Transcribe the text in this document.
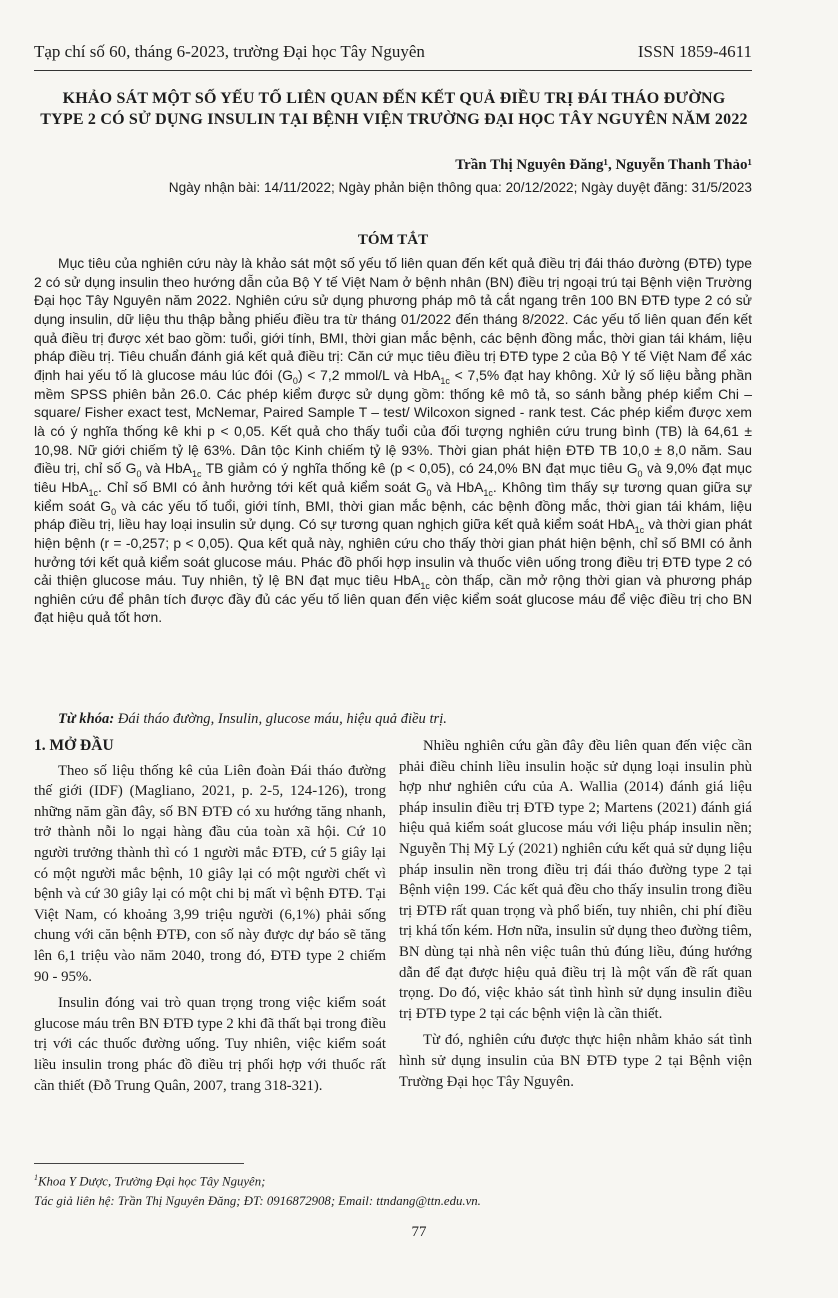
Tạp chí số 60, tháng 6-2023, trường Đại học Tây Nguyên	ISSN 1859-4611
KHẢO SÁT MỘT SỐ YẾU TỐ LIÊN QUAN ĐẾN KẾT QUẢ ĐIỀU TRỊ ĐÁI THÁO ĐƯỜNG TYPE 2 CÓ SỬ DỤNG INSULIN TẠI BỆNH VIỆN TRƯỜNG ĐẠI HỌC TÂY NGUYÊN NĂM 2022
Trần Thị Nguyên Đăng¹, Nguyễn Thanh Thảo¹
Ngày nhận bài: 14/11/2022; Ngày phản biện thông qua: 20/12/2022; Ngày duyệt đăng: 31/5/2023
TÓM TẮT

Mục tiêu của nghiên cứu này là khảo sát một số yếu tố liên quan đến kết quả điều trị đái tháo đường (ĐTĐ) type 2 có sử dụng insulin theo hướng dẫn của Bộ Y tế Việt Nam ở bệnh nhân (BN) điều trị ngoại trú tại Bệnh viện Trường Đại học Tây Nguyên năm 2022. Nghiên cứu sử dụng phương pháp mô tả cắt ngang trên 100 BN ĐTĐ type 2 có sử dụng insulin, dữ liệu thu thập bằng phiếu điều tra từ tháng 01/2022 đến tháng 8/2022. Các yếu tố liên quan đến kết quả điều trị được xét bao gồm: tuổi, giới tính, BMI, thời gian mắc bệnh, các bệnh đồng mắc, thời gian tái khám, liệu pháp điều trị. Tiêu chuẩn đánh giá kết quả điều trị: Căn cứ mục tiêu điều trị ĐTĐ type 2 của Bộ Y tế Việt Nam để xác định hai yếu tố là glucose máu lúc đói $(G_0) < 7,2$ mmol/L và HbA$_{1c}$ < 7,5% đạt hay không. Xử lý số liệu bằng phần mềm SPSS phiên bản 26.0. Các phép kiểm được sử dụng gồm: thống kê mô tả, so sánh bằng phép kiểm Chi – square/ Fisher exact test, McNemar, Paired Sample T – test/ Wilcoxon signed - rank test. Các phép kiểm được xem là có ý nghĩa thống kê khi p < 0,05. Kết quả cho thấy tuổi của đối tượng nghiên cứu trung bình (TB) là 64,61 ± 10,98. Nữ giới chiếm tỷ lệ 63%. Dân tộc Kinh chiếm tỷ lệ 93%. Thời gian phát hiện ĐTĐ TB 10,0 ± 8,0 năm. Sau điều trị, chỉ số $G_0$ và HbA$_{1c}$ TB giảm có ý nghĩa thống kê (p < 0,05), có 24,0% BN đạt mục tiêu $G_0$ và 9,0% đạt mục tiêu HbA$_{1c}$. Chỉ số BMI có ảnh hưởng tới kết quả kiểm soát $G_0$ và HbA$_{1c}$. Không tìm thấy sự tương quan giữa sự kiểm soát $G_0$ và các yếu tố tuổi, giới tính, BMI, thời gian mắc bệnh, các bệnh đồng mắc, thời gian tái khám, liệu pháp điều trị, liều hay loại insulin sử dụng. Có sự tương quan nghịch giữa kết quả kiểm soát HbA$_{1c}$ và thời gian phát hiện bệnh (r = -0,257; p < 0,05). Qua kết quả này, nghiên cứu cho thấy thời gian phát hiện bệnh, chỉ số BMI có ảnh hưởng tới kết quả kiểm soát glucose máu. Phác đồ phối hợp insulin và thuốc viên uống trong điều trị ĐTĐ type 2 có cải thiện glucose máu. Tuy nhiên, tỷ lệ BN đạt mục tiêu HbA$_{1c}$ còn thấp, cần mở rộng thời gian và phương pháp nghiên cứu để phân tích được đầy đủ các yếu tố liên quan đến việc kiểm soát glucose máu để việc điều trị cho BN đạt hiệu quả tốt hơn.

Từ khóa: Đái tháo đường, Insulin, glucose máu, hiệu quả điều trị.
1. MỞ ĐẦU

Theo số liệu thống kê của Liên đoàn Đái tháo đường thế giới (IDF) (Magliano, 2021, p. 2-5, 124-126), trong những năm gần đây, số BN ĐTĐ có xu hướng tăng nhanh, trở thành nỗi lo ngại hàng đầu của toàn xã hội. Cứ 10 người trưởng thành thì có 1 người mắc ĐTĐ, cứ 5 giây lại có một người mắc bệnh, 10 giây lại có một người chết vì bệnh và cứ 30 giây lại có một chi bị mất vì bệnh ĐTĐ. Tại Việt Nam, có khoảng 3,99 triệu người (6,1%) phải sống chung với căn bệnh ĐTĐ, con số này được dự báo sẽ tăng lên 6,1 triệu vào năm 2040, trong đó, ĐTĐ type 2 chiếm 90 - 95%.

Insulin đóng vai trò quan trọng trong việc kiểm soát glucose máu trên BN ĐTĐ type 2 khi đã thất bại trong điều trị với các thuốc đường uống. Tuy nhiên, việc kiểm soát liều insulin trong phác đồ điều trị phối hợp với thuốc rất cần thiết (Đỗ Trung Quân, 2007, trang 318-321).

Nhiều nghiên cứu gần đây đều liên quan đến việc cần phải điều chỉnh liều insulin hoặc sử dụng loại insulin phù hợp như nghiên cứu của A. Wallia (2014) đánh giá liệu pháp insulin điều trị ĐTĐ type 2; Martens (2021) đánh giá hiệu quả kiểm soát glucose máu với liệu pháp insulin nền; Nguyễn Thị Mỹ Lý (2021) nghiên cứu kết quả sử dụng liệu pháp insulin nền trong điều trị đái tháo đường type 2 tại Bệnh viện 199. Các kết quả đều cho thấy insulin trong điều trị ĐTĐ rất quan trọng và phổ biến, tuy nhiên, chi phí điều trị khá tốn kém. Hơn nữa, insulin sử dụng theo đường tiêm, BN dùng tại nhà nên việc tuân thủ đúng liều, đúng hướng dẫn để đạt được hiệu quả điều trị là một vấn đề rất quan trọng. Do đó, việc khảo sát tình hình sử dụng insulin điều trị ĐTĐ type 2 tại các bệnh viện là cần thiết.

Từ đó, nghiên cứu được thực hiện nhằm khảo sát tình hình sử dụng insulin của BN ĐTĐ type 2 tại Bệnh viện Trường Đại học Tây Nguyên.

$^1$Khoa Y Dược, Trường Đại học Tây Nguyên;
Tác giả liên hệ: Trần Thị Nguyên Đăng; ĐT: 0916872908; Email: ttndang@ttn.edu.vn.
77
